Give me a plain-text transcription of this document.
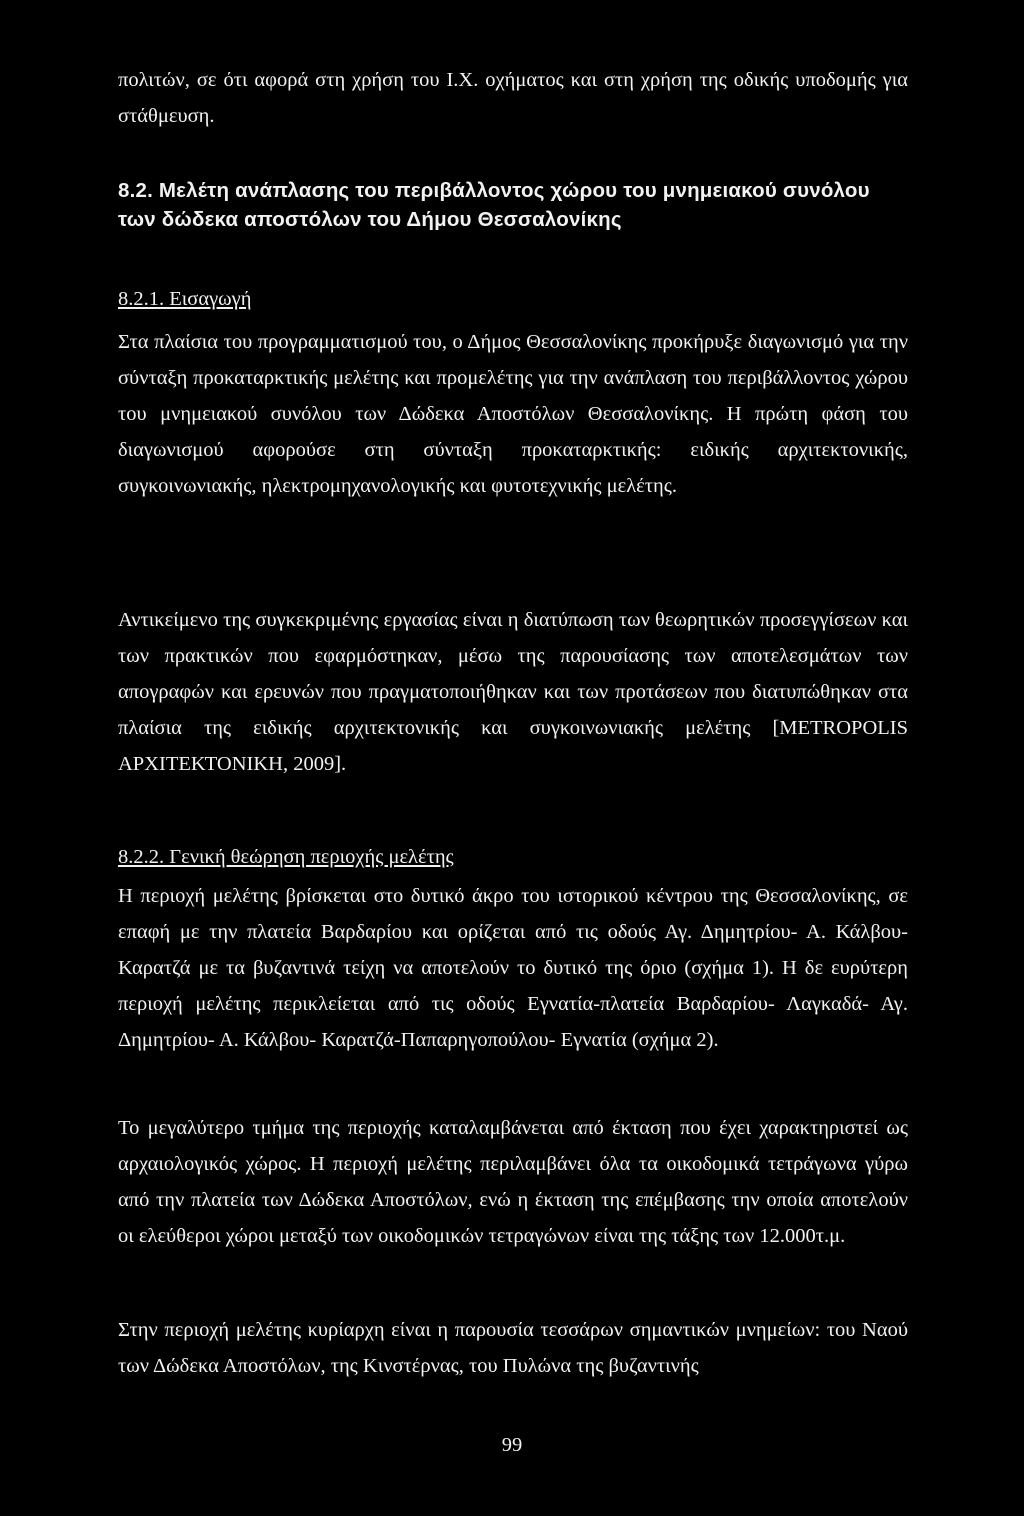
πολιτών, σε ότι αφορά στη χρήση του Ι.Χ. οχήματος και στη χρήση της οδικής υποδομής για στάθμευση.

8.2. Μελέτη ανάπλασης του περιβάλλοντος χώρου του μνημειακού συνόλου των δώδεκα αποστόλων του Δήμου Θεσσαλονίκης

8.2.1. Εισαγωγή

Στα πλαίσια του προγραμματισμού του, ο Δήμος Θεσσαλονίκης προκήρυξε διαγωνισμό για την σύνταξη προκαταρκτικής μελέτης και προμελέτης για την ανάπλαση του περιβάλλοντος χώρου του μνημειακού συνόλου των Δώδεκα Αποστόλων Θεσσαλονίκης. Η πρώτη φάση του διαγωνισμού αφορούσε στη σύνταξη προκαταρκτικής: ειδικής αρχιτεκτονικής, συγκοινωνιακής, ηλεκτρομηχανολογικής και φυτοτεχνικής μελέτης.

Αντικείμενο της συγκεκριμένης εργασίας είναι η διατύπωση των θεωρητικών προσεγγίσεων και των πρακτικών που εφαρμόστηκαν, μέσω της παρουσίασης των αποτελεσμάτων των απογραφών και ερευνών που πραγματοποιήθηκαν και των προτάσεων που διατυπώθηκαν στα πλαίσια της ειδικής αρχιτεκτονικής και συγκοινωνιακής μελέτης [METROPOLIS ΑΡΧΙΤΕΚΤΟΝΙΚΗ, 2009].

8.2.2. Γενική θεώρηση περιοχής μελέτης

Η περιοχή μελέτης βρίσκεται στο δυτικό άκρο του ιστορικού κέντρου της Θεσσαλονίκης, σε επαφή με την πλατεία Βαρδαρίου και ορίζεται από τις οδούς Αγ. Δημητρίου- Α. Κάλβου- Καρατζά με τα βυζαντινά τείχη να αποτελούν το δυτικό της όριο (σχήμα 1). Η δε ευρύτερη περιοχή μελέτης περικλείεται από τις οδούς Εγνατία-πλατεία Βαρδαρίου- Λαγκαδά- Αγ. Δημητρίου- Α. Κάλβου- Καρατζά-Παπαρηγοπούλου- Εγνατία (σχήμα 2).

Το μεγαλύτερο τμήμα της περιοχής καταλαμβάνεται από έκταση που έχει χαρακτηριστεί ως αρχαιολογικός χώρος. Η περιοχή μελέτης περιλαμβάνει όλα τα οικοδομικά τετράγωνα γύρω από την πλατεία των Δώδεκα Αποστόλων, ενώ η έκταση της επέμβασης την οποία αποτελούν οι ελεύθεροι χώροι μεταξύ των οικοδομικών τετραγώνων είναι της τάξης των 12.000τ.μ.

Στην περιοχή μελέτης κυρίαρχη είναι η παρουσία τεσσάρων σημαντικών μνημείων: του Ναού των Δώδεκα Αποστόλων, της Κινστέρνας, του Πυλώνα της βυζαντινής

99
